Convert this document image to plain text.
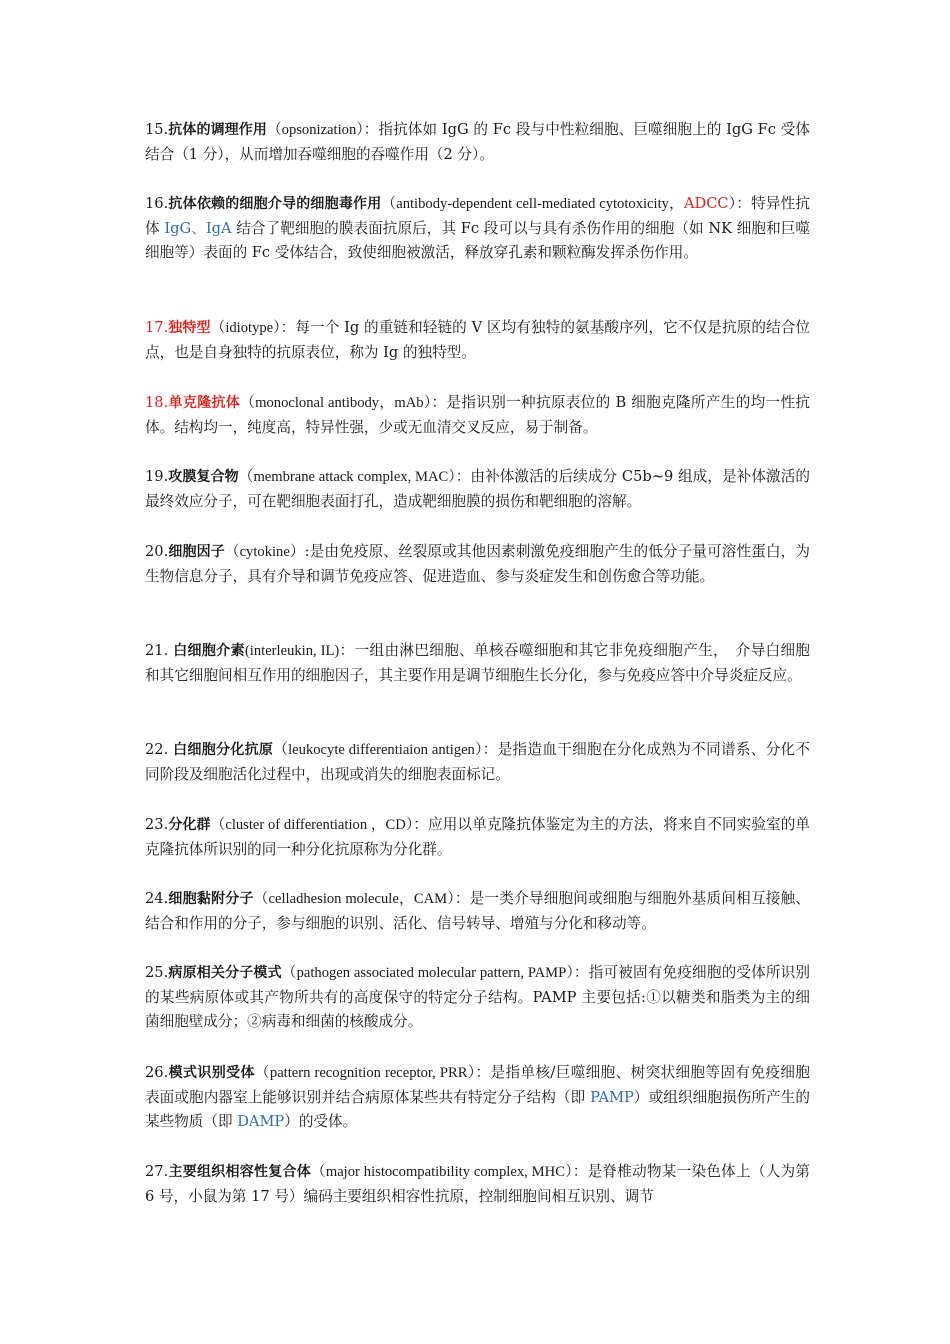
15.抗体的调理作用（opsonization）：指抗体如 IgG 的 Fc 段与中性粒细胞、巨噬细胞上的 IgG Fc 受体结合（1 分），从而增加吞噬细胞的吞噬作用（2 分）。

16.抗体依赖的细胞介导的细胞毒作用（antibody-dependent cell-mediated cytotoxicity，ADCC）：特异性抗体 IgG、IgA 结合了靶细胞的膜表面抗原后，其 Fc 段可以与具有杀伤作用的细胞（如 NK 细胞和巨噬细胞等）表面的 Fc 受体结合，致使细胞被激活，释放穿孔素和颗粒酶发挥杀伤作用。

17.独特型（idiotype）：每一个 Ig 的重链和轻链的 V 区均有独特的氨基酸序列，它不仅是抗原的结合位点，也是自身独特的抗原表位，称为 Ig 的独特型。

18.单克隆抗体（monoclonal antibody，mAb）：是指识别一种抗原表位的 B 细胞克隆所产生的均一性抗体。结构均一，纯度高，特异性强，少或无血清交叉反应，易于制备。

19.攻膜复合物（membrane attack complex, MAC）：由补体激活的后续成分 C5b~9 组成，是补体激活的最终效应分子，可在靶细胞表面打孔，造成靶细胞膜的损伤和靶细胞的溶解。

20.细胞因子（cytokine）:是由免疫原、丝裂原或其他因素刺激免疫细胞产生的低分子量可溶性蛋白，为生物信息分子，具有介导和调节免疫应答、促进造血、参与炎症发生和创伤愈合等功能。

21. 白细胞介素(interleukin, IL)：一组由淋巴细胞、单核吞噬细胞和其它非免疫细胞产生，　介导白细胞和其它细胞间相互作用的细胞因子，其主要作用是调节细胞生长分化，参与免疫应答中介导炎症反应。

22. 白细胞分化抗原（leukocyte differentiaion antigen）：是指造血干细胞在分化成熟为不同谱系、分化不同阶段及细胞活化过程中，出现或消失的细胞表面标记。

23.分化群（cluster of differentiation ，CD）：应用以单克隆抗体鉴定为主的方法，将来自不同实验室的单克隆抗体所识别的同一种分化抗原称为分化群。

24.细胞黏附分子（celladhesion molecule，CAM）：是一类介导细胞间或细胞与细胞外基质间相互接触、结合和作用的分子，参与细胞的识别、活化、信号转导、增殖与分化和移动等。

25.病原相关分子模式（pathogen associated molecular pattern, PAMP）：指可被固有免疫细胞的受体所识别的某些病原体或其产物所共有的高度保守的特定分子结构。PAMP 主要包括:①以糖类和脂类为主的细菌细胞壁成分；②病毒和细菌的核酸成分。

26.模式识别受体（pattern recognition receptor, PRR）：是指单核/巨噬细胞、树突状细胞等固有免疫细胞表面或胞内器室上能够识别并结合病原体某些共有特定分子结构（即 PAMP）或组织细胞损伤所产生的某些物质（即 DAMP）的受体。

27.主要组织相容性复合体（major histocompatibility complex, MHC）：是脊椎动物某一染色体上（人为第 6 号，小鼠为第 17 号）编码主要组织相容性抗原，控制细胞间相互识别、调节
